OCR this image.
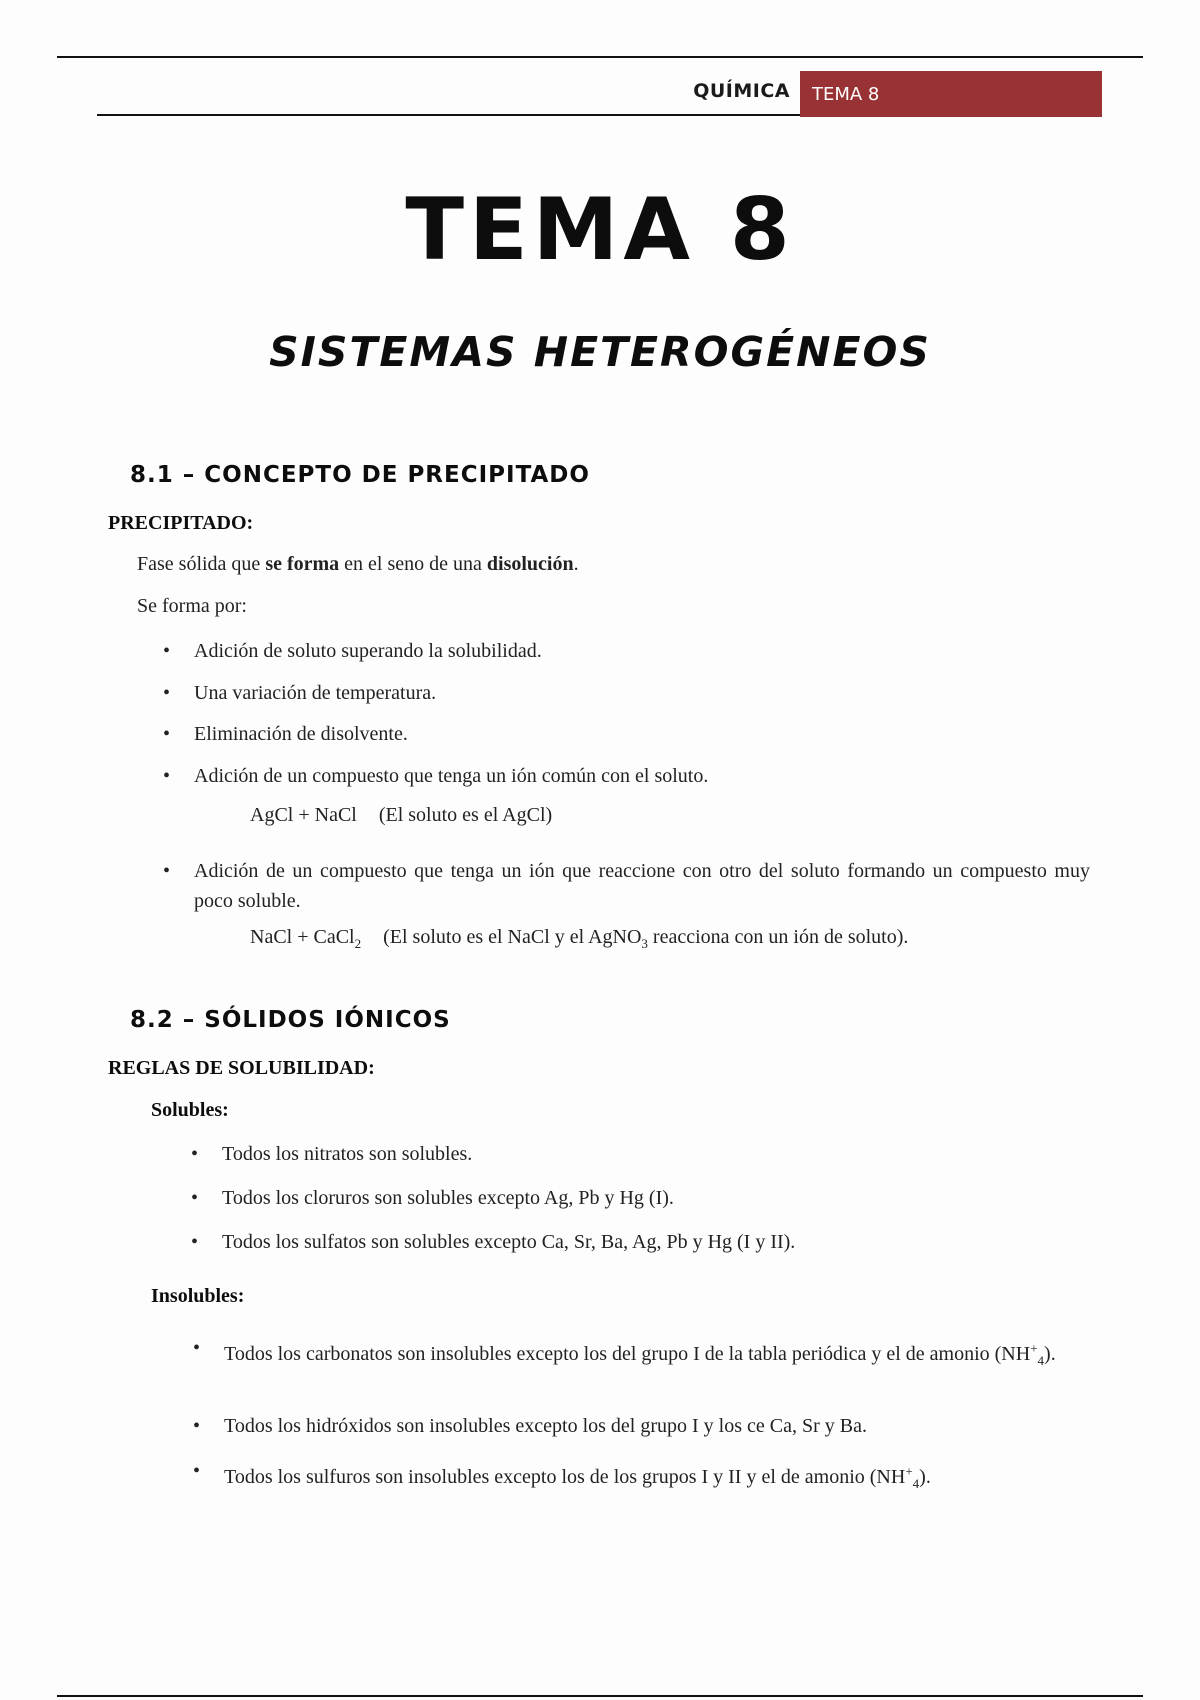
QUÍMICA TEMA 8
TEMA 8
SISTEMAS HETEROGÉNEOS
8.1 – CONCEPTO DE PRECIPITADO
PRECIPITADO:
Fase sólida que se forma en el seno de una disolución.
Se forma por:
• Adición de soluto superando la solubilidad.
• Una variación de temperatura.
• Eliminación de disolvente.
• Adición de un compuesto que tenga un ión común con el soluto.
AgCl + NaCl (El soluto es el AgCl)
• Adición de un compuesto que tenga un ión que reaccione con otro del soluto formando un compuesto muy poco soluble.
NaCl + CaCl$_2$ (El soluto es el NaCl y el AgNO$_3$ reacciona con un ión de soluto).
8.2 – SÓLIDOS IÓNICOS
REGLAS DE SOLUBILIDAD:
Solubles:
• Todos los nitratos son solubles.
• Todos los cloruros son solubles excepto Ag, Pb y Hg (I).
• Todos los sulfatos son solubles excepto Ca, Sr, Ba, Ag, Pb y Hg (I y II).
Insolubles:
• Todos los carbonatos son insolubles excepto los del grupo I de la tabla periódica y el de amonio $(NH^+_4)$.
• Todos los hidróxidos son insolubles excepto los del grupo I y los ce Ca, Sr y Ba.
• Todos los sulfuros son insolubles excepto los de los grupos I y II y el de amonio $(NH^+_4)$.
